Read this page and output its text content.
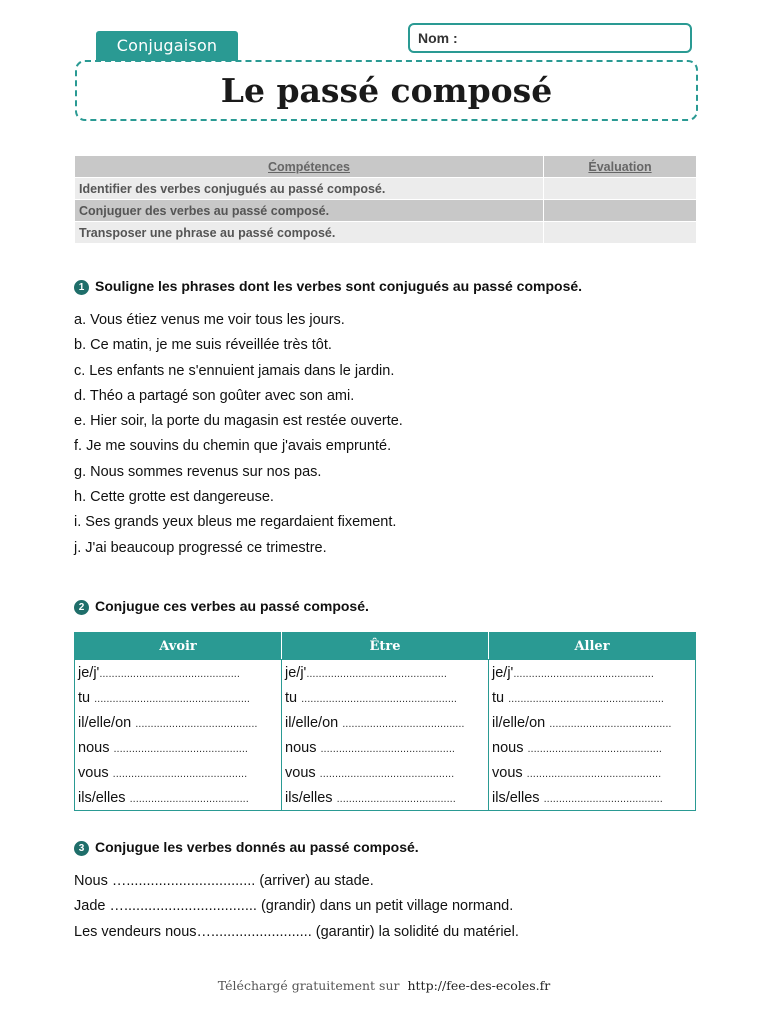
Conjugaison	Nom :
Le passé composé
Compétences	Évaluation
Identifier des verbes conjugués au passé composé.	
Conjuguer des verbes au passé composé.	
Transposer une phrase au passé composé.	
1 Souligne les phrases dont les verbes sont conjugués au passé composé.
a. Vous étiez venus me voir tous les jours.
b. Ce matin, je me suis réveillée très tôt.
c. Les enfants ne s'ennuient jamais dans le jardin.
d. Théo a partagé son goûter avec son ami.
e. Hier soir, la porte du magasin est restée ouverte.
f. Je me souvins du chemin que j'avais emprunté.
g. Nous sommes revenus sur nos pas.
h. Cette grotte est dangereuse.
i. Ses grands yeux bleus me regardaient fixement.
j. J'ai beaucoup progressé ce trimestre.
2 Conjugue ces verbes au passé composé.
Avoir	Être	Aller
je/j'..............................................	je/j'..............................................	je/j'..............................................
tu ...................................................	tu ...................................................	tu ...................................................
il/elle/on ........................................	il/elle/on ........................................	il/elle/on ........................................
nous ............................................	nous ............................................	nous ............................................
vous ............................................	vous ............................................	vous ............................................
ils/elles .......................................	ils/elles .......................................	ils/elles .......................................
3 Conjugue les verbes donnés au passé composé.
Nous …................................ (arriver) au stade.
Jade …................................. (grandir) dans un petit village normand.
Les vendeurs nous…......................... (garantir) la solidité du matériel.
Téléchargé gratuitement sur http://fee-des-ecoles.fr
